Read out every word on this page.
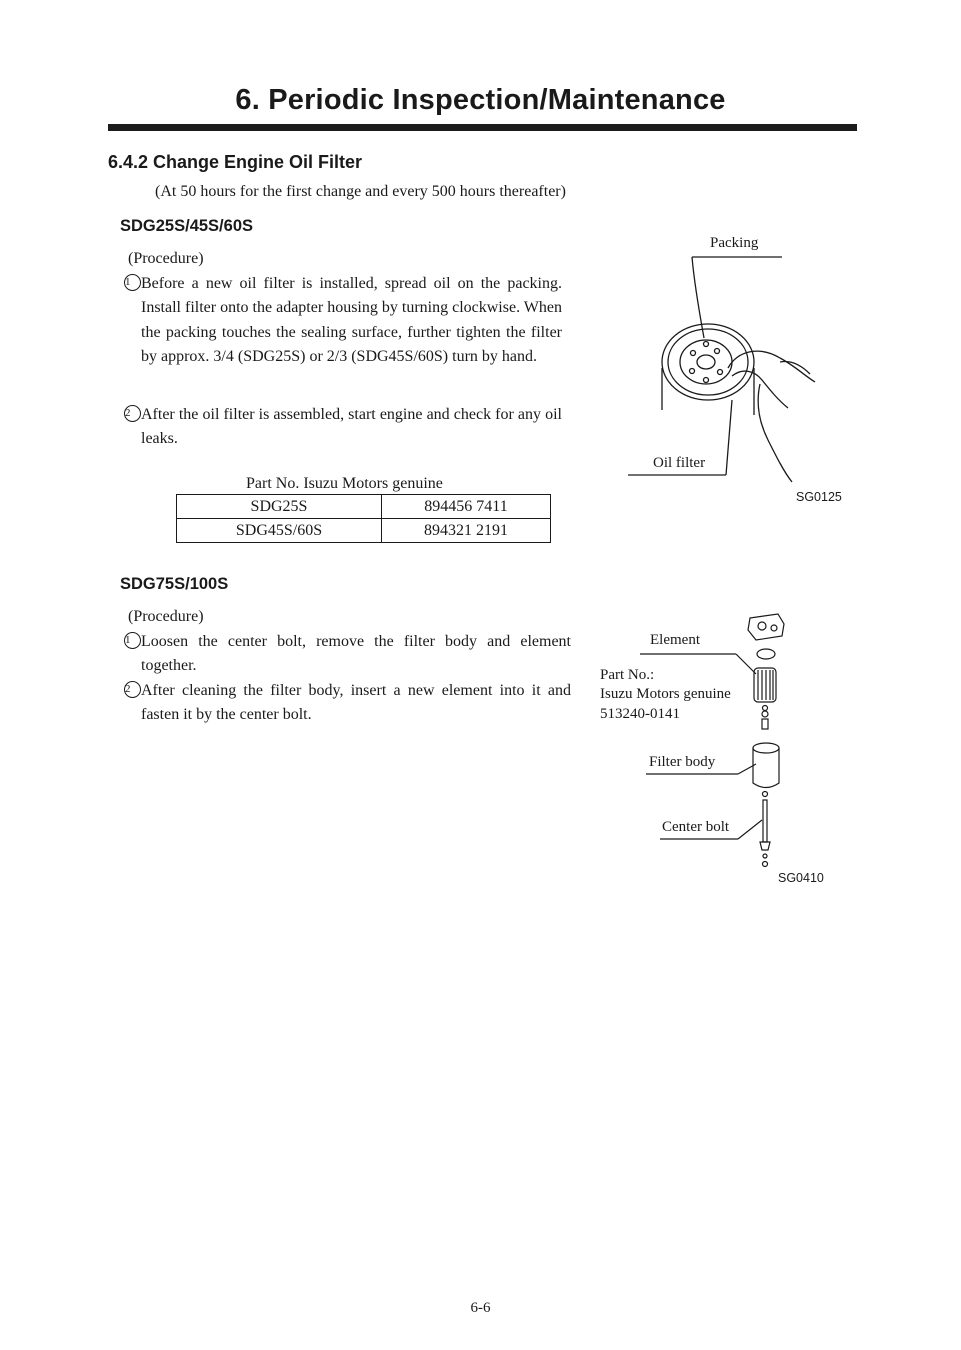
6. Periodic Inspection/Maintenance
6.4.2 Change Engine Oil Filter
(At 50 hours for the first change and every 500 hours thereafter)
SDG25S/45S/60S
(Procedure)
1 Before a new oil filter is installed, spread oil on the packing. Install filter onto the adapter housing by turning clockwise. When the packing touches the sealing surface, further tighten the filter by approx. 3/4 (SDG25S) or 2/3 (SDG45S/60S) turn by hand.
2 After the oil filter is assembled, start engine and check for any oil leaks.
Part No. Isuzu Motors genuine
SDG25S	894456 7411
SDG45S/60S	894321 2191
Packing
Oil filter
SG0125
SDG75S/100S
(Procedure)
1 Loosen the center bolt, remove the filter body and element together.
2 After cleaning the filter body, insert a new element into it and fasten it by the center bolt.
Element
Part No.:
Isuzu Motors genuine
513240-0141
Filter body
Center bolt
SG0410
6-6
